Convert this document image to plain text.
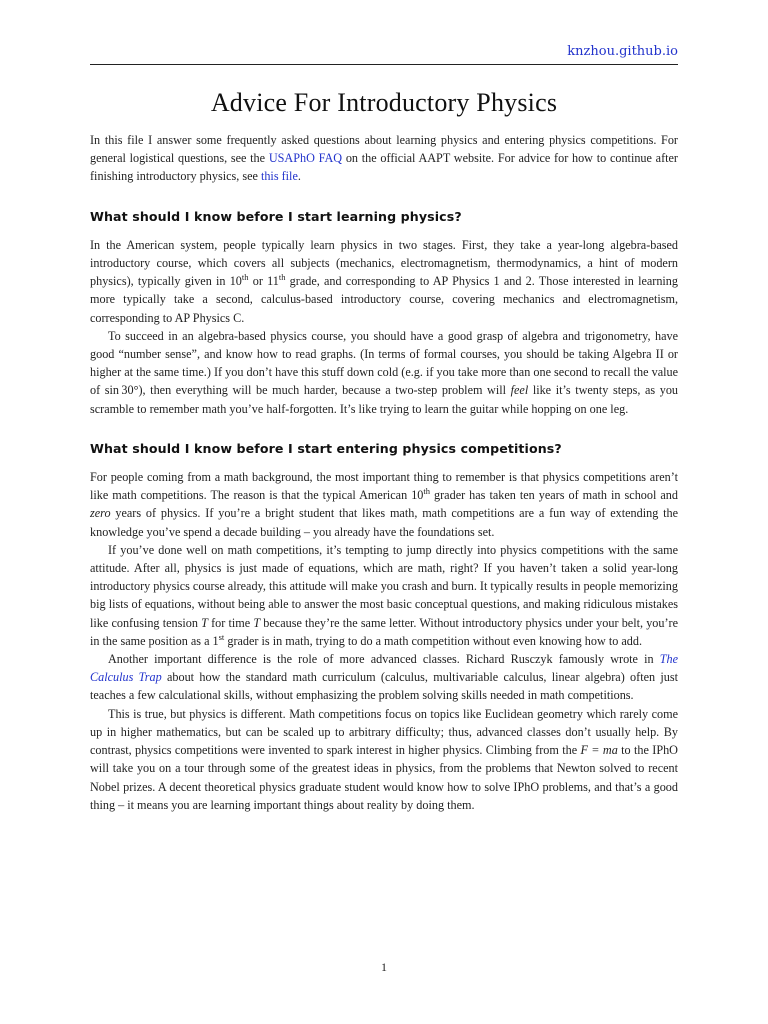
knzhou.github.io
Advice For Introductory Physics

In this file I answer some frequently asked questions about learning physics and entering physics competitions. For general logistical questions, see the USAPhO FAQ on the official AAPT website. For advice for how to continue after finishing introductory physics, see this file.

What should I know before I start learning physics?

In the American system, people typically learn physics in two stages. First, they take a year-long algebra-based introductory course, which covers all subjects (mechanics, electromagnetism, thermodynamics, a hint of modern physics), typically given in 10th or 11th grade, and corresponding to AP Physics 1 and 2. Those interested in learning more typically take a second, calculus-based introductory course, covering mechanics and electromagnetism, corresponding to AP Physics C.

To succeed in an algebra-based physics course, you should have a good grasp of algebra and trigonometry, have good “number sense”, and know how to read graphs. (In terms of formal courses, you should be taking Algebra II or higher at the same time.) If you don’t have this stuff down cold (e.g. if you take more than one second to recall the value of sin 30°), then everything will be much harder, because a two-step problem will feel like it’s twenty steps, as you scramble to remember math you’ve half-forgotten. It’s like trying to learn the guitar while hopping on one leg.

What should I know before I start entering physics competitions?

For people coming from a math background, the most important thing to remember is that physics competitions aren’t like math competitions. The reason is that the typical American 10th grader has taken ten years of math in school and zero years of physics. If you’re a bright student that likes math, math competitions are a fun way of extending the knowledge you’ve spend a decade building – you already have the foundations set.

If you’ve done well on math competitions, it’s tempting to jump directly into physics competitions with the same attitude. After all, physics is just made of equations, which are math, right? If you haven’t taken a solid year-long introductory physics course already, this attitude will make you crash and burn. It typically results in people memorizing big lists of equations, without being able to answer the most basic conceptual questions, and making ridiculous mistakes like confusing tension T for time T because they’re the same letter. Without introductory physics under your belt, you’re in the same position as a 1st grader is in math, trying to do a math competition without even knowing how to add.

Another important difference is the role of more advanced classes. Richard Rusczyk famously wrote in The Calculus Trap about how the standard math curriculum (calculus, multivariable calculus, linear algebra) often just teaches a few calculational skills, without emphasizing the problem solving skills needed in math competitions.

This is true, but physics is different. Math competitions focus on topics like Euclidean geometry which rarely come up in higher mathematics, but can be scaled up to arbitrary difficulty; thus, advanced classes don’t usually help. By contrast, physics competitions were invented to spark interest in higher physics. Climbing from the F = ma to the IPhO will take you on a tour through some of the greatest ideas in physics, from the problems that Newton solved to recent Nobel prizes. A decent theoretical physics graduate student would know how to solve IPhO problems, and that’s a good thing – it means you are learning important things about reality by doing them.

1
